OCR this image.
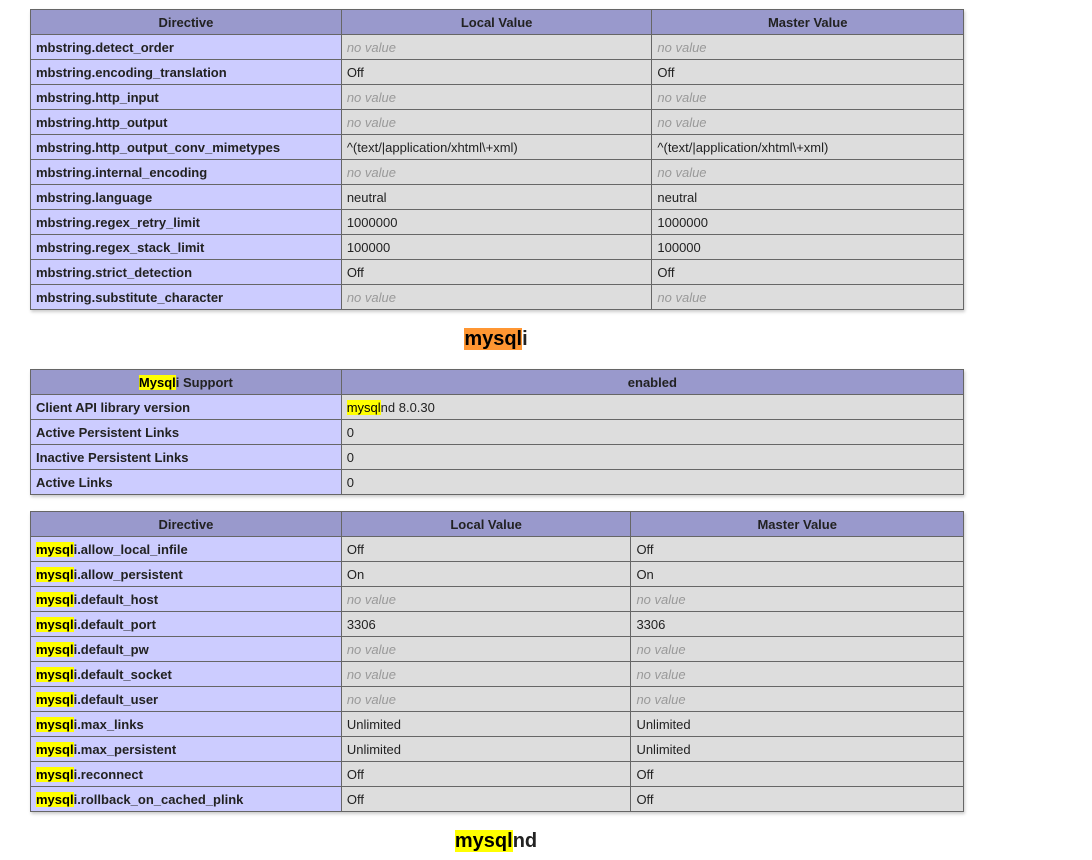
Directive	Local Value	Master Value
mbstring.detect_order	no value	no value
mbstring.encoding_translation	Off	Off
mbstring.http_input	no value	no value
mbstring.http_output	no value	no value
mbstring.http_output_conv_mimetypes	^(text/|application/xhtml\+xml)	^(text/|application/xhtml\+xml)
mbstring.internal_encoding	no value	no value
mbstring.language	neutral	neutral
mbstring.regex_retry_limit	1000000	1000000
mbstring.regex_stack_limit	100000	100000
mbstring.strict_detection	Off	Off
mbstring.substitute_character	no value	no value
mysqli
Mysqli Support	enabled
Client API library version	mysqlnd 8.0.30
Active Persistent Links	0
Inactive Persistent Links	0
Active Links	0
Directive	Local Value	Master Value
mysqli.allow_local_infile	Off	Off
mysqli.allow_persistent	On	On
mysqli.default_host	no value	no value
mysqli.default_port	3306	3306
mysqli.default_pw	no value	no value
mysqli.default_socket	no value	no value
mysqli.default_user	no value	no value
mysqli.max_links	Unlimited	Unlimited
mysqli.max_persistent	Unlimited	Unlimited
mysqli.reconnect	Off	Off
mysqli.rollback_on_cached_plink	Off	Off
mysqlnd
